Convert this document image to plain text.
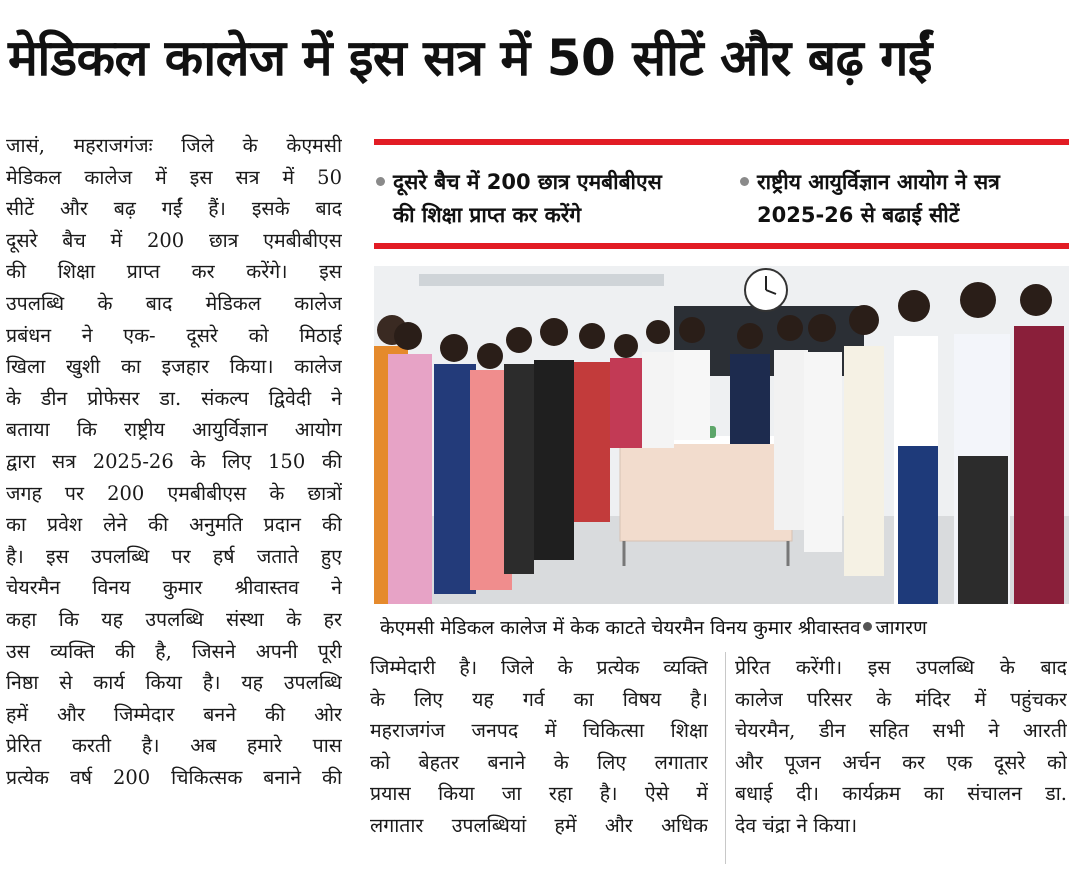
मेडिकल कालेज में इस सत्र में 50 सीटें और बढ़ गईं
जासं, महराजगंजः जिले के केएमसी
मेडिकल कालेज में इस सत्र में 50
सीटें और बढ़ गईं हैं। इसके बाद
दूसरे बैच में 200 छात्र एमबीबीएस
की शिक्षा प्राप्त कर करेंगे। इस
उपलब्धि के बाद मेडिकल कालेज
प्रबंधन ने एक- दूसरे को मिठाई
खिला खुशी का इजहार किया। कालेज
के डीन प्रोफेसर डा. संकल्प द्विवेदी ने
बताया कि राष्ट्रीय आयुर्विज्ञान आयोग
द्वारा सत्र 2025-26 के लिए 150 की
जगह पर 200 एमबीबीएस के छात्रों
का प्रवेश लेने की अनुमति प्रदान की
है। इस उपलब्धि पर हर्ष जताते हुए
चेयरमैन विनय कुमार श्रीवास्तव ने
कहा कि यह उपलब्धि संस्था के हर
उस व्यक्ति की है, जिसने अपनी पूरी
निष्ठा से कार्य किया है। यह उपलब्धि
हमें और जिम्मेदार बनने की ओर
प्रेरित करती है। अब हमारे पास
प्रत्येक वर्ष 200 चिकित्सक बनाने की
दूसरे बैच में 200 छात्र एमबीबीएस
की शिक्षा प्राप्त कर करेंगे
राष्ट्रीय आयुर्विज्ञान आयोग ने सत्र
2025-26 से बढाई सीटें
केएमसी मेडिकल कालेज में केक काटते चेयरमैन विनय कुमार श्रीवास्तव जागरण
जिम्मेदारी है। जिले के प्रत्येक व्यक्ति
के लिए यह गर्व का विषय है।
महराजगंज जनपद में चिकित्सा शिक्षा
को बेहतर बनाने के लिए लगातार
प्रयास किया जा रहा है। ऐसे में
लगातार उपलब्धियां हमें और अधिक
प्रेरित करेंगी। इस उपलब्धि के बाद
कालेज परिसर के मंदिर में पहुंचकर
चेयरमैन, डीन सहित सभी ने आरती
और पूजन अर्चन कर एक दूसरे को
बधाई दी। कार्यक्रम का संचालन डा.
देव चंद्रा ने किया।
